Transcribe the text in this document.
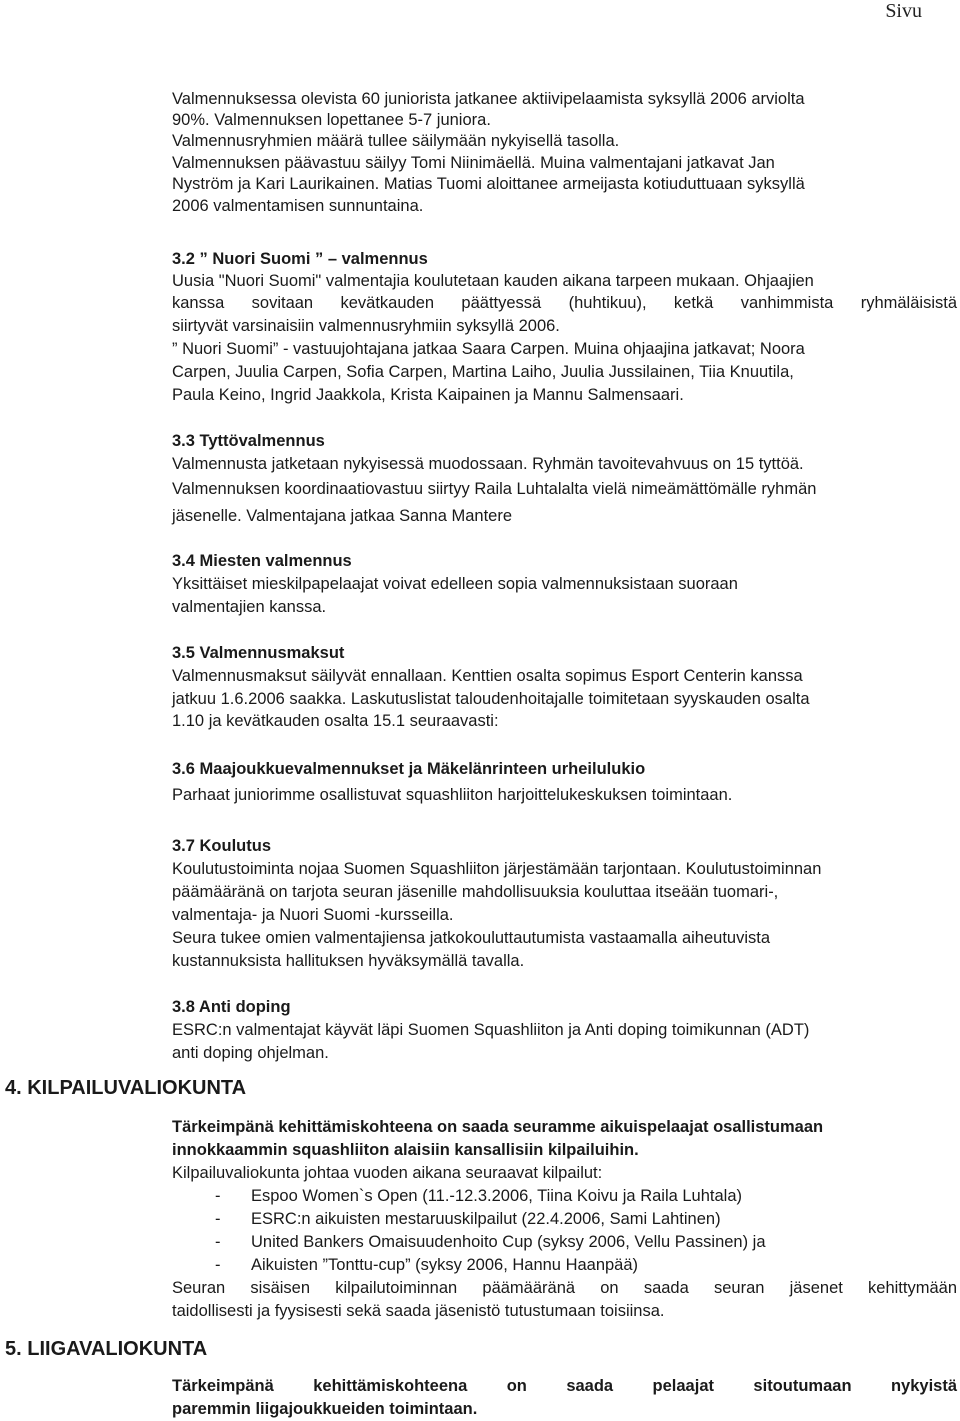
Sivu
Valmennuksessa olevista 60 juniorista jatkanee aktiivipelaamista syksyllä 2006 arviolta
90%. Valmennuksen lopettanee 5-7 juniora.
Valmennusryhmien määrä tullee säilymään nykyisellä tasolla.
Valmennuksen päävastuu säilyy Tomi Niinimäellä. Muina valmentajani jatkavat Jan
Nyström ja Kari Laurikainen. Matias Tuomi aloittanee armeijasta kotiuduttuaan syksyllä
2006 valmentamisen sunnuntaina.
3.2 ” Nuori Suomi ” – valmennus
Uusia "Nuori Suomi" valmentajia koulutetaan kauden aikana tarpeen mukaan. Ohjaajien
kanssa sovitaan kevätkauden päättyessä (huhtikuu), ketkä vanhimmista ryhmäläisistä
siirtyvät varsinaisiin valmennusryhmiin syksyllä 2006.
” Nuori Suomi” - vastuujohtajana jatkaa Saara Carpen. Muina ohjaajina jatkavat; Noora
Carpen, Juulia Carpen, Sofia Carpen, Martina Laiho, Juulia Jussilainen, Tiia Knuutila,
Paula Keino, Ingrid Jaakkola, Krista Kaipainen ja Mannu Salmensaari.
3.3 Tyttövalmennus
Valmennusta jatketaan nykyisessä muodossaan. Ryhmän tavoitevahvuus on 15 tyttöä.
Valmennuksen koordinaatiovastuu siirtyy Raila Luhtalalta vielä nimeämättömälle ryhmän
jäsenelle. Valmentajana jatkaa Sanna Mantere
3.4 Miesten valmennus
Yksittäiset mieskilpapelaajat voivat edelleen sopia valmennuksistaan suoraan
valmentajien kanssa.
3.5 Valmennusmaksut
Valmennusmaksut säilyvät ennallaan. Kenttien osalta sopimus Esport Centerin kanssa
jatkuu 1.6.2006 saakka. Laskutuslistat taloudenhoitajalle toimitetaan syyskauden osalta
1.10 ja kevätkauden osalta 15.1 seuraavasti:
3.6 Maajoukkuevalmennukset ja Mäkelänrinteen urheilulukio
Parhaat juniorimme osallistuvat squashliiton harjoittelukeskuksen toimintaan.
3.7 Koulutus
Koulutustoiminta nojaa Suomen Squashliiton järjestämään tarjontaan. Koulutustoiminnan
päämääränä on tarjota seuran jäsenille mahdollisuuksia kouluttaa itseään tuomari-,
valmentaja- ja Nuori Suomi -kursseilla.
Seura tukee omien valmentajiensa jatkokouluttautumista vastaamalla aiheutuvista
kustannuksista hallituksen hyväksymällä tavalla.
3.8 Anti doping
ESRC:n valmentajat käyvät läpi Suomen Squashliiton ja Anti doping toimikunnan (ADT)
anti doping ohjelman.
4. KILPAILUVALIOKUNTA
Tärkeimpänä kehittämiskohteena on saada seuramme aikuispelaajat osallistumaan
innokkaammin squashliiton alaisiin kansallisiin kilpailuihin.
Kilpailuvaliokunta johtaa vuoden aikana seuraavat kilpailut:
- Espoo Women`s Open (11.-12.3.2006, Tiina Koivu ja Raila Luhtala)
- ESRC:n aikuisten mestaruuskilpailut (22.4.2006, Sami Lahtinen)
- United Bankers Omaisuudenhoito Cup (syksy 2006, Vellu Passinen) ja
- Aikuisten ”Tonttu-cup” (syksy 2006, Hannu Haanpää)
Seuran sisäisen kilpailutoiminnan päämääränä on saada seuran jäsenet kehittymään
taidollisesti ja fyysisesti sekä saada jäsenistö tutustumaan toisiinsa.
5. LIIGAVALIOKUNTA
Tärkeimpänä kehittämiskohteena on saada pelaajat sitoutumaan nykyistä
paremmin liigajoukkueiden toimintaan.
